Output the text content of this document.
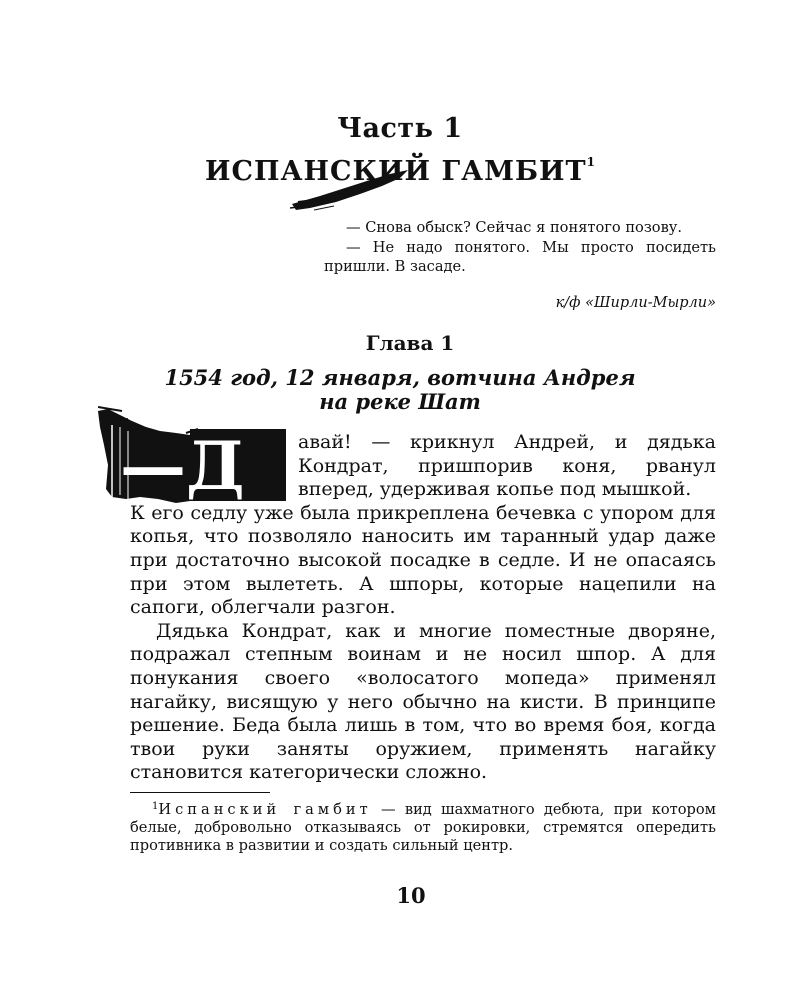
Часть 1
ИСПАНСКИЙ ГАМБИТ$^1$

— Снова обыск? Сейчас я понятого позову.

— Не надо понятого. Мы просто посидеть пришли. В засаде.

к/ф «Ширли-Мырли»
Глава 1
1554 год, 12 января, вотчина Андрея
на реке Шат
—Д	авай! — крикнул Андрей, и дядька Кондрат, пришпорив коня, рванул вперед, удерживая копье под мышкой.

К его седлу уже была прикреплена бечевка с упором для копья, что позволяло наносить им таранный удар даже при достаточно высокой посадке в седле. И не опасаясь при этом вылететь. А шпоры, которые нацепили на сапоги, облегчали разгон.

Дядька Кондрат, как и многие поместные дворяне, подражал степным воинам и не носил шпор. А для понукания своего «волосатого мопеда» применял нагайку, висящую у него обычно на кисти. В принципе решение. Беда была лишь в том, что во время боя, когда твои руки заняты оружием, применять нагайку становится категорически сложно.

$^1$Испанский гамбит — вид шахматного дебюта, при котором белые, добровольно отказываясь от рокировки, стремятся опередить противника в развитии и создать сильный центр.

10
